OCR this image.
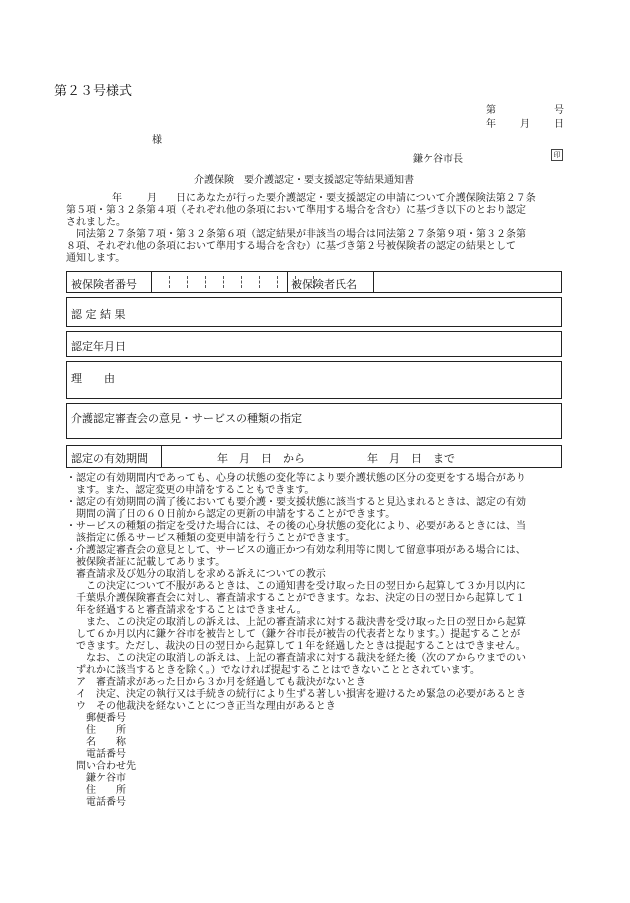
第２３号様式
第	号
年 月 日
様
鎌ケ谷市長	印
介護保険　要介護認定・要支援認定等結果通知書
年	月 日にあなたが行った要介護認定・要支援認定の申請について介護保険法第２７条
第５項・第３２条第４項（それぞれ他の条項において準用する場合を含む）に基づき以下のとおり認定
されました。
同法第２７条第７項・第３２条第６項（認定結果が非該当の場合は同法第２７条第９項・第３２条第
８項、それぞれ他の条項において準用する場合を含む）に基づき第２号被保険者の認定の結果として
通知します。
被保険者番号	被保険者氏名
認 定 結 果
認定年月日
理　　由
介護認定審査会の意見・サービスの種類の指定
認定の有効期間	年　月　日　から	年　月　日　まで
・認定の有効期間内であっても、心身の状態の変化等により要介護状態の区分の変更をする場合があり
ます。また、認定変更の申請をすることもできます。
・認定の有効期間の満了後においても要介護・要支援状態に該当すると見込まれるときは、認定の有効
期間の満了日の６０日前から認定の更新の申請をすることができます。
・サービスの種類の指定を受けた場合には、その後の心身状態の変化により、必要があるときには、当
該指定に係るサービス種類の変更申請を行うことができます。
・介護認定審査会の意見として、サービスの適正かつ有効な利用等に関して留意事項がある場合には、
被保険者証に記載してあります。
審査請求及び処分の取消しを求める訴えについての教示
この決定について不服があるときは、この通知書を受け取った日の翌日から起算して３か月以内に
千葉県介護保険審査会に対し、審査請求することができます。なお、決定の日の翌日から起算して１
年を経過すると審査請求をすることはできません。
また、この決定の取消しの訴えは、上記の審査請求に対する裁決書を受け取った日の翌日から起算
して６か月以内に鎌ケ谷市を被告として（鎌ケ谷市長が被告の代表者となります。）提起することが
できます。ただし、裁決の日の翌日から起算して１年を経過したときは提起することはできません。
なお、この決定の取消しの訴えは、上記の審査請求に対する裁決を経た後（次のアからウまでのい
ずれかに該当するときを除く。）でなければ提起することはできないこととされています。
ア　審査請求があった日から３か月を経過しても裁決がないとき
イ　決定、決定の執行又は手続きの続行により生ずる著しい損害を避けるため緊急の必要があるとき
ウ　その他裁決を経ないことにつき正当な理由があるとき
郵便番号
住　　所
名　　称
電話番号
問い合わせ先
鎌ケ谷市
住　　所
電話番号
